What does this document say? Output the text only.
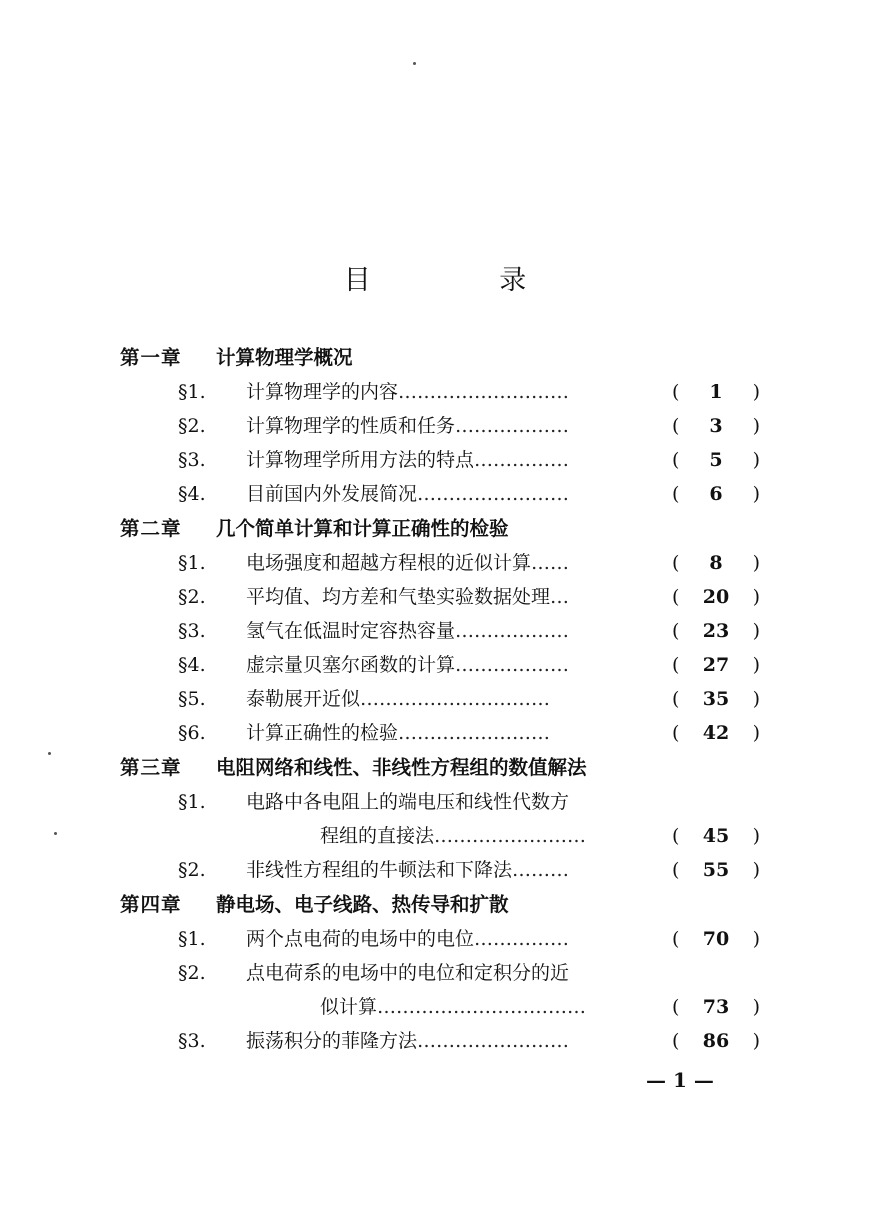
目 录
第一章 计算物理学概况
§1. 计算物理学的内容………………………	(	1	)
§2. 计算物理学的性质和任务………………	(	3	)
§3. 计算物理学所用方法的特点……………	(	5	)
§4. 目前国内外发展简况……………………	(	6	)
第二章 几个简单计算和计算正确性的检验
§1. 电场强度和超越方程根的近似计算……	(	8	)
§2. 平均值、均方差和气垫实验数据处理…	(	20	)
§3. 氢气在低温时定容热容量………………	(	23	)
§4. 虚宗量贝塞尔函数的计算………………	(	27	)
§5. 泰勒展开近似…………………………	(	35	)
§6. 计算正确性的检验……………………	(	42	)
第三章 电阻网络和线性、非线性方程组的数值解法
§1. 电路中各电阻上的端电压和线性代数方
程组的直接法……………………	(	45	)
§2. 非线性方程组的牛顿法和下降法………	(	55	)
第四章 静电场、电子线路、热传导和扩散
§1. 两个点电荷的电场中的电位……………	(	70	)
§2. 点电荷系的电场中的电位和定积分的近
似计算……………………………	(	73	)
§3. 振荡积分的菲隆方法……………………	(	86	)
— 1 —
